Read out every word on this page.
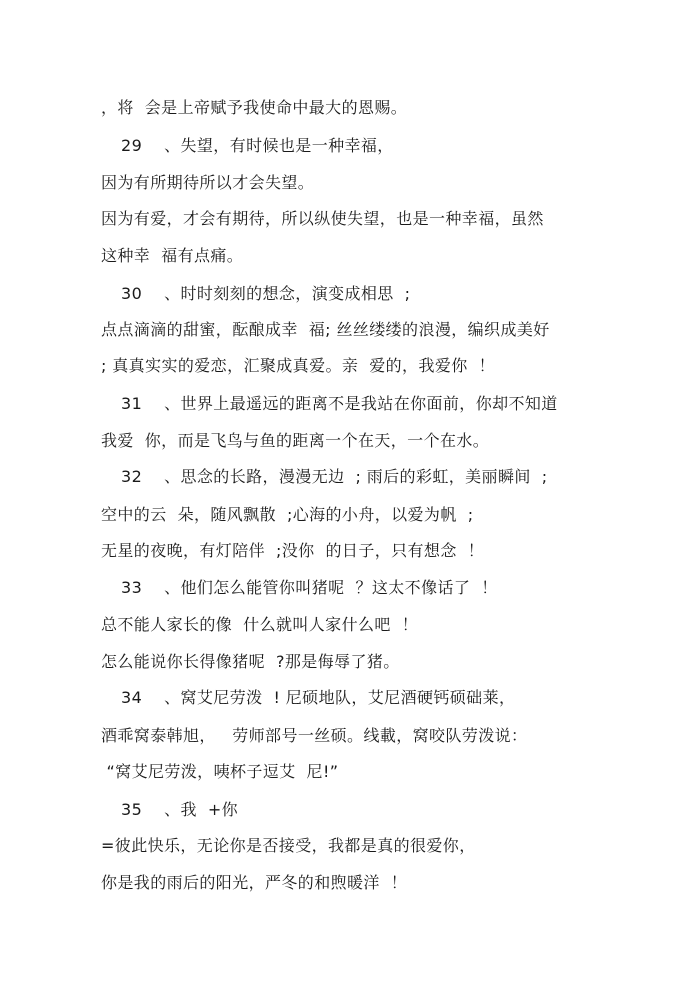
，将  会是上帝赋予我使命中最大的恩赐。
29    、失望，有时候也是一种幸福，
因为有所期待所以才会失望。
因为有爱，才会有期待，所以纵使失望，也是一种幸福，虽然
这种幸  福有点痛。
30    、时时刻刻的想念，演变成相思  ;
点点滴滴的甜蜜，酝酿成幸  福; 丝丝缕缕的浪漫，编织成美好
; 真真实实的爱恋，汇聚成真爱。亲  爱的，我爱你  ！
31    、世界上最遥远的距离不是我站在你面前，你却不知道
我爱  你，而是飞鸟与鱼的距离一个在天，一个在水。
32    、思念的长路，漫漫无边  ; 雨后的彩虹，美丽瞬间  ;
空中的云  朵，随风飘散  ;心海的小舟，以爱为帆  ;
无星的夜晚，有灯陪伴  ;没你  的日子，只有想念  ！
33    、他们怎么能管你叫猪呢  ？这太不像话了  ！
总不能人家长的像  什么就叫人家什么吧  ！
怎么能说你长得像猪呢  ?那是侮辱了猪。
34    、窝艾尼劳泼  ! 尼硕地队，艾尼酒硬钙硕础莱，
酒乖窝泰韩旭，   劳师部号一丝硕。线載，窝咬队劳泼说：
“窝艾尼劳泼，咦杯子逗艾  尼!”
35    、我  +你
=彼此快乐，无论你是否接受，我都是真的很爱你，
你是我的雨后的阳光，严冬的和煦暖洋  ！
